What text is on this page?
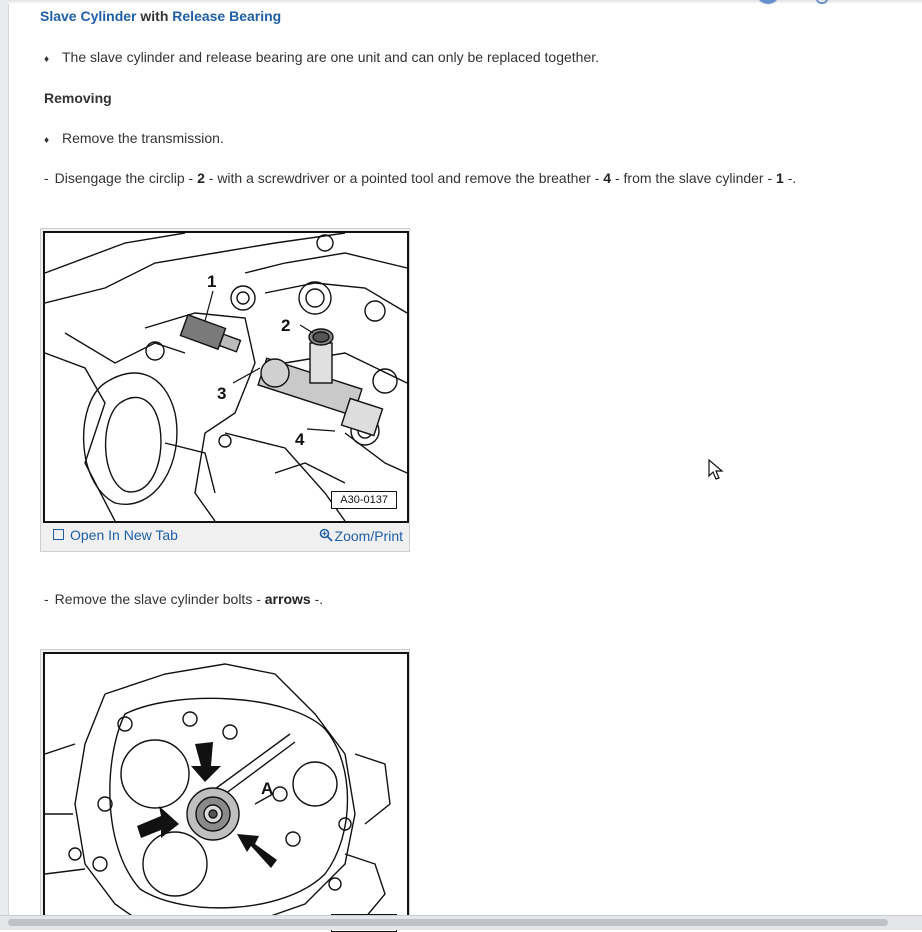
Slave Cylinder with Release Bearing
♦ The slave cylinder and release bearing are one unit and can only be replaced together.
Removing
♦ Remove the transmission.
- Disengage the circlip - 2 - with a screwdriver or a pointed tool and remove the breather - 4 - from the slave cylinder - 1 -.
1
2
3
4
A30-0137
Open In New Tab	Zoom/Print
- Remove the slave cylinder bolts - arrows -.
A
